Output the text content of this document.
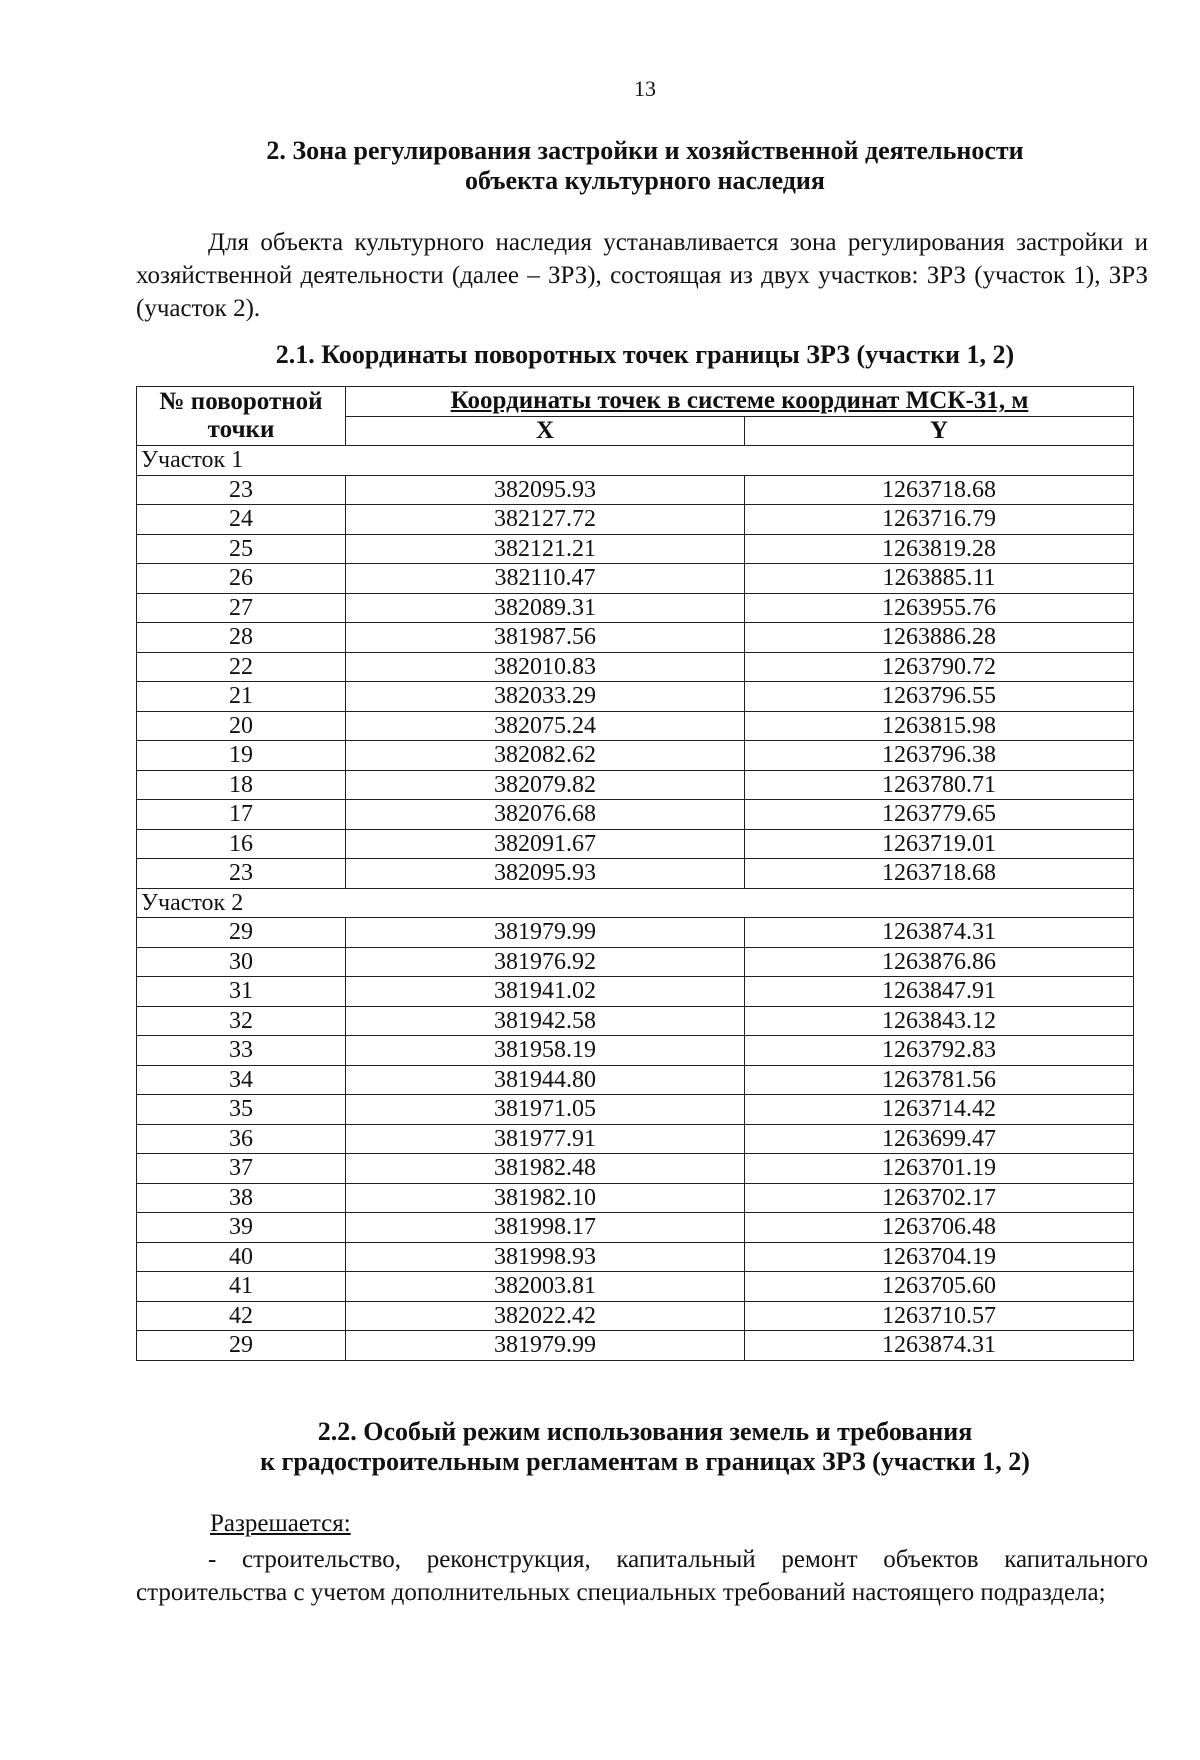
13
2. Зона регулирования застройки и хозяйственной деятельности
объекта культурного наследия
Для объекта культурного наследия устанавливается зона регулирования застройки и хозяйственной деятельности (далее – ЗРЗ), состоящая из двух участков: ЗРЗ (участок 1), ЗРЗ (участок 2).
2.1. Координаты поворотных точек границы ЗРЗ (участки 1, 2)
№ поворотной точки	Координаты точек в системе координат МСК-31, м	
	X	Y
Участок 1		
23	382095.93	1263718.68
24	382127.72	1263716.79
25	382121.21	1263819.28
26	382110.47	1263885.11
27	382089.31	1263955.76
28	381987.56	1263886.28
22	382010.83	1263790.72
21	382033.29	1263796.55
20	382075.24	1263815.98
19	382082.62	1263796.38
18	382079.82	1263780.71
17	382076.68	1263779.65
16	382091.67	1263719.01
23	382095.93	1263718.68
Участок 2		
29	381979.99	1263874.31
30	381976.92	1263876.86
31	381941.02	1263847.91
32	381942.58	1263843.12
33	381958.19	1263792.83
34	381944.80	1263781.56
35	381971.05	1263714.42
36	381977.91	1263699.47
37	381982.48	1263701.19
38	381982.10	1263702.17
39	381998.17	1263706.48
40	381998.93	1263704.19
41	382003.81	1263705.60
42	382022.42	1263710.57
29	381979.99	1263874.31
2.2. Особый режим использования земель и требования
к градостроительным регламентам в границах ЗРЗ (участки 1, 2)
Разрешается:
- строительство, реконструкция, капитальный ремонт объектов капитального строительства с учетом дополнительных специальных требований настоящего подраздела;
